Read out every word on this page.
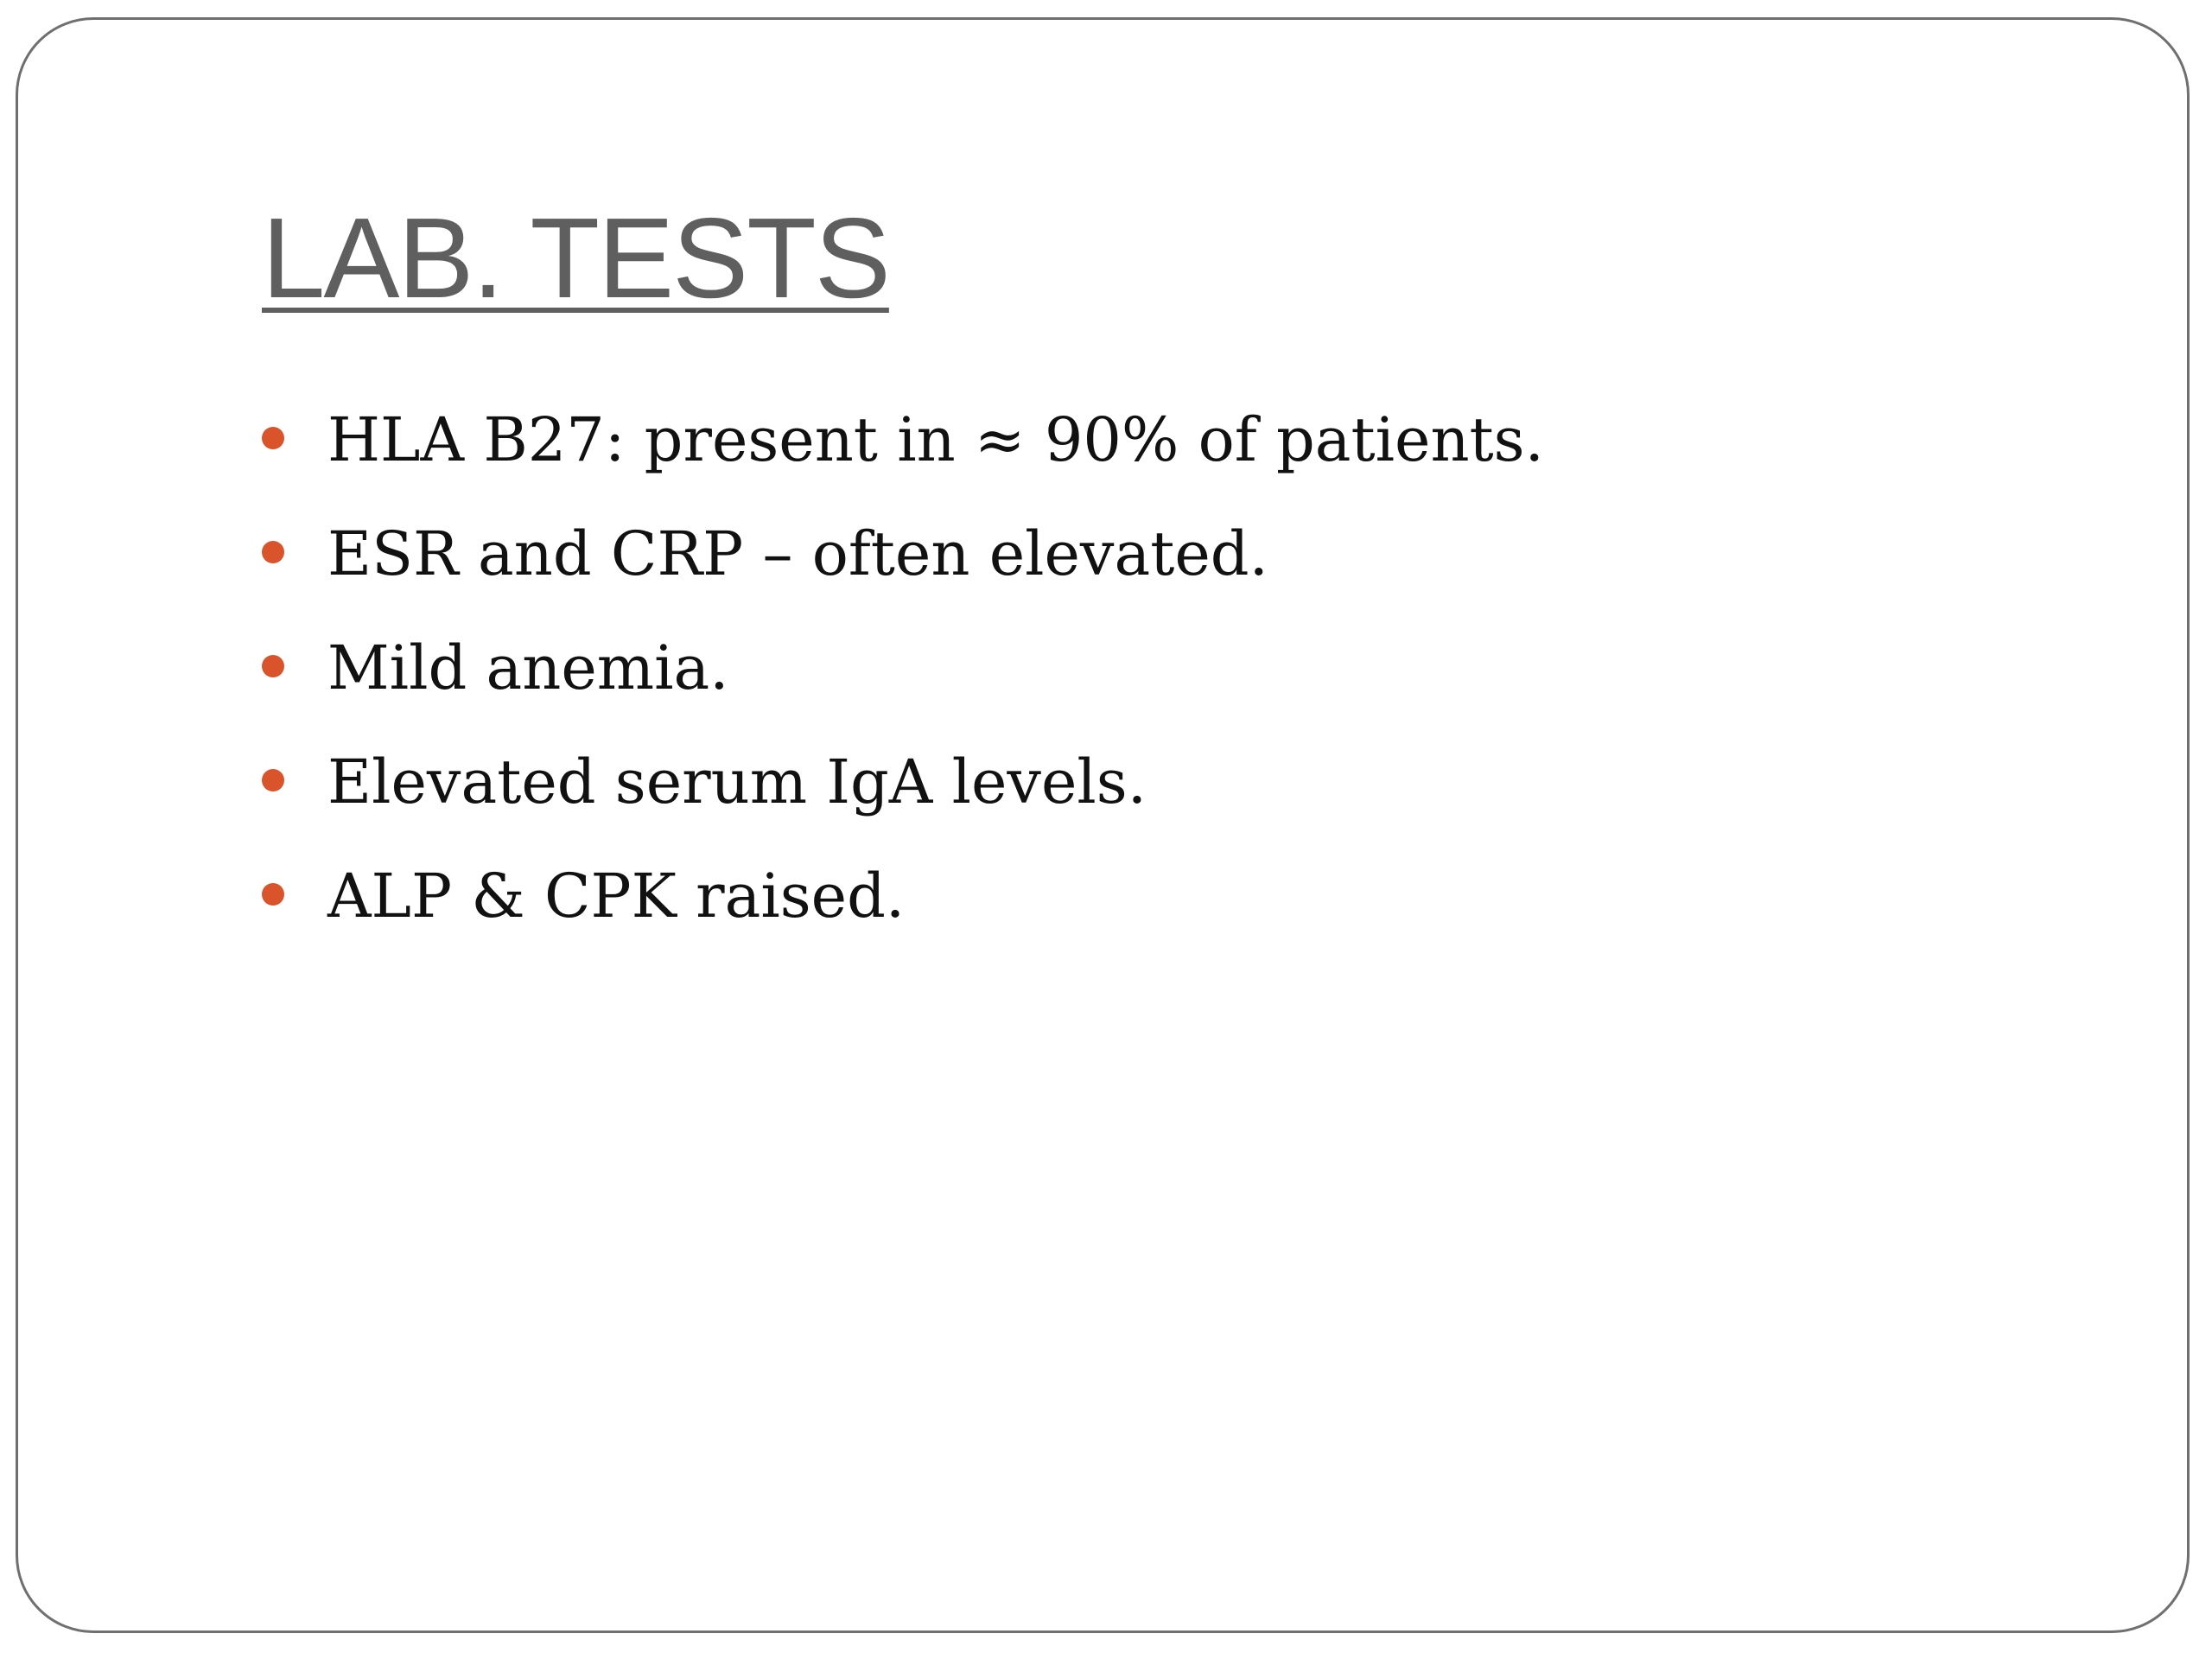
LAB. TESTS
HLA B27: present in ≈ 90% of patients.
ESR and CRP – often elevated.
Mild anemia.
Elevated serum IgA levels.
ALP & CPK raised.
